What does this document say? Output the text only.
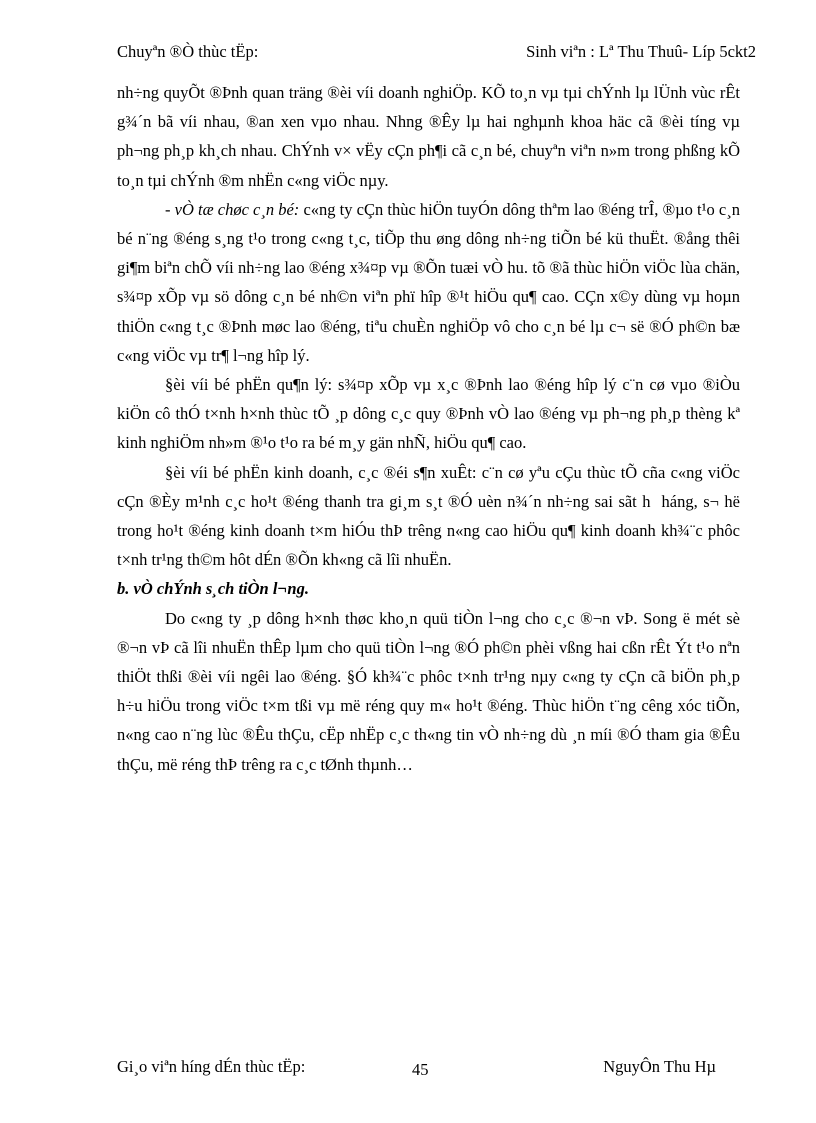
Chuyªn ®Ò thùc tËp:	Sinh viªn : Lª Thu Thuû- Líp 5ckt2

nh÷ng quyÕt ®Þnh quan träng ®èi víi doanh nghiÖp. KÕ to¸n vµ tµi chÝnh lµ lÜnh vùc rÊt g¾´n bã víi nhau, ®an xen vµo nhau. Nhng ®Êy lµ hai nghµnh khoa häc cã ®èi tíng vµ ph¬ng ph¸p kh¸ch nhau. ChÝnh v× vËy cÇn ph¶i cã c¸n bé, chuyªn viªn n»m trong phßng kÕ to¸n tµi chÝnh ®m nhËn c«ng viÖc nµy.

- vÒ tæ chøc c¸n bé: c«ng ty cÇn thùc hiÖn tuyÓn dông thªm lao ®éng trÎ, ®µo t¹o c¸n bé n¨ng ®éng s¸ng t¹o trong c«ng t¸c, tiÕp thu øng dông nh÷ng tiÕn bé kü thuËt. ®ång thêi gi¶m biªn chÕ víi nh÷ng lao ®éng x¾¤p vµ ®Õn tuæi vÒ hu. tõ ®ã thùc hiÖn viÖc lùa chän, s¾¤p xÕp vµ sö dông c¸n bé nh©n viªn phï hîp ®¹t hiÖu qu¶ cao. CÇn x©y dùng vµ hoµn thiÖn c«ng t¸c ®Þnh møc lao ®éng, tiªu chuÈn nghiÖp vô cho c¸n bé lµ c¬ së ®Ó ph©n bæ c«ng viÖc vµ tr¶ l¬ng hîp lý.

§èi víi bé phËn qu¶n lý: s¾¤p xÕp vµ x¸c ®Þnh lao ®éng hîp lý c¨n cø vµo ®iÒu kiÖn cô thÓ t×nh h×nh thùc tÕ ¸p dông c¸c quy ®Þnh vÒ lao ®éng vµ ph¬ng ph¸p thèng kª kinh nghiÖm nh»m ®¹o t¹o ra bé m¸y gän nhÑ, hiÖu qu¶ cao.

§èi víi bé phËn kinh doanh, c¸c ®éi s¶n xuÊt: c¨n cø yªu cÇu thùc tÕ cña c«ng viÖc cÇn ®Èy m¹nh c¸c ho¹t ®éng thanh tra gi¸m s¸t ®Ó uèn n¾´n nh÷ng sai sãt h  háng, s¬ hë trong ho¹t ®éng kinh doanh t×m hiÓu thÞ trêng n«ng cao hiÖu qu¶ kinh doanh kh¾¨c phôc t×nh tr¹ng th©m hôt dÉn ®Õn kh«ng cã lîi nhuËn.

b. vÒ chÝnh s¸ch tiÒn l¬ng.

Do c«ng ty ¸p dông h×nh thøc kho¸n quü tiÒn l¬ng cho c¸c ®¬n vÞ. Song ë mét sè ®¬n vÞ cã lîi nhuËn thÊp lµm cho quü tiÒn l¬ng ®Ó ph©n phèi vßng hai cßn rÊt Ýt t¹o nªn thiÖt thßi ®èi víi ngêi lao ®éng. §Ó kh¾¨c phôc t×nh tr¹ng nµy c«ng ty cÇn cã biÖn ph¸p h÷u hiÖu trong viÖc t×m tßi vµ më réng quy m« ho¹t ®éng. Thùc hiÖn t¨ng cêng xóc tiÕn, n«ng cao n¨ng lùc ®Êu thÇu, cËp nhËp c¸c th«ng tin vÒ nh÷ng dù ¸n míi ®Ó tham gia ®Êu thÇu, më réng thÞ trêng ra c¸c tØnh thµnh…

Gi¸o viªn híng dÉn thùc tËp:	45	NguyÔn Thu Hµ
